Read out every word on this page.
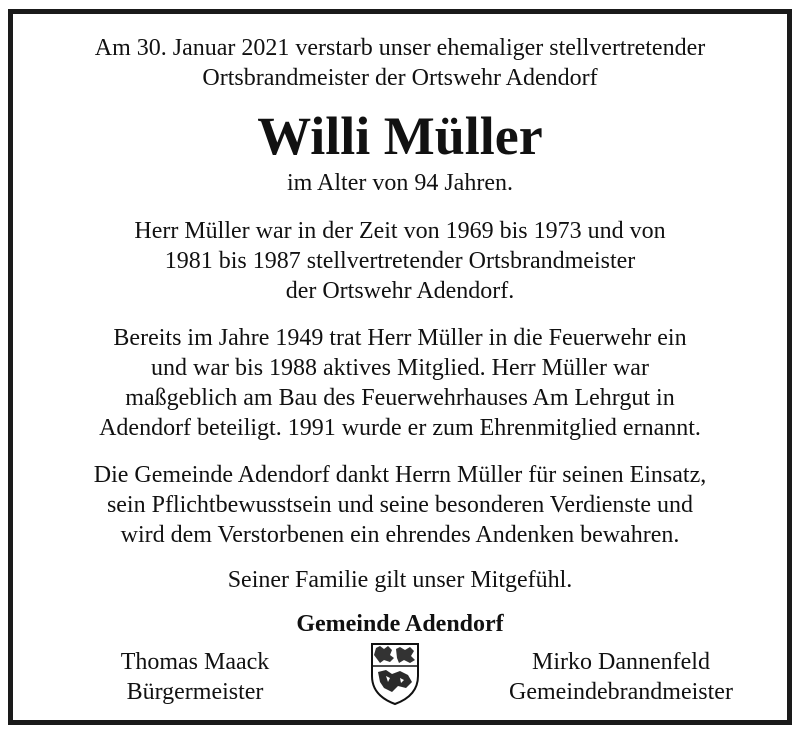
Am 30. Januar 2021 verstarb unser ehemaliger stellvertretender
Ortsbrandmeister der Ortswehr Adendorf
Willi Müller
im Alter von 94 Jahren.
Herr Müller war in der Zeit von 1969 bis 1973 und von
1981 bis 1987 stellvertretender Ortsbrandmeister
der Ortswehr Adendorf.
Bereits im Jahre 1949 trat Herr Müller in die Feuerwehr ein
und war bis 1988 aktives Mitglied. Herr Müller war
maßgeblich am Bau des Feuerwehrhauses Am Lehrgut in
Adendorf beteiligt. 1991 wurde er zum Ehrenmitglied ernannt.
Die Gemeinde Adendorf dankt Herrn Müller für seinen Einsatz,
sein Pflichtbewusstsein und seine besonderen Verdienste und
wird dem Verstorbenen ein ehrendes Andenken bewahren.
Seiner Familie gilt unser Mitgefühl.
Gemeinde Adendorf
Thomas Maack
Bürgermeister
Mirko Dannenfeld
Gemeindebrandmeister
